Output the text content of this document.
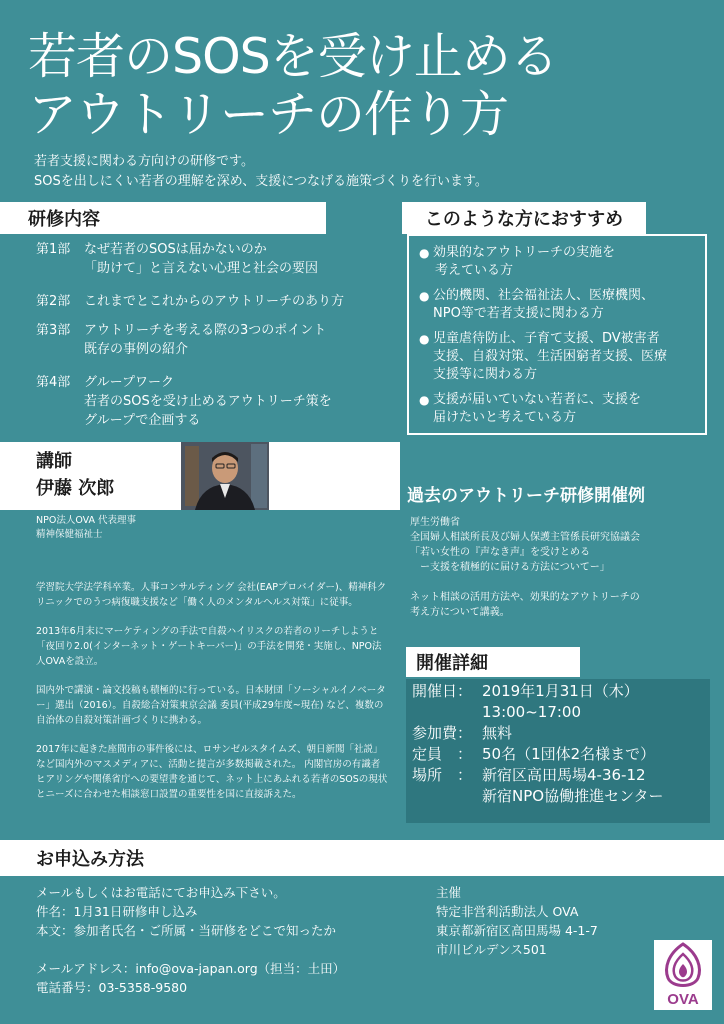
若者のSOSを受け止める
アウトリーチの作り方
若者支援に関わる方向けの研修です。
SOSを出しにくい若者の理解を深め、支援につなげる施策づくりを行います。
研修内容
第1部	なぜ若者のSOSは届かないのか
「助けて」と言えない心理と社会の要因
第2部	これまでとこれからのアウトリーチのあり方
第3部	アウトリーチを考える際の3つのポイント
既存の事例の紹介
第4部	グループワーク
若者のSOSを受け止めるアウトリーチ策を
グループで企画する
このような方におすすめ
● 効果的なアウトリーチの実施を
考えている方
● 公的機関、社会福祉法人、医療機関、
NPO等で若者支援に関わる方
● 児童虐待防止、子育て支援、DV被害者
支援、自殺対策、生活困窮者支援、医療
支援等に関わる方
● 支援が届いていない若者に、支援を
届けたいと考えている方
講師
伊藤 次郎
NPO法人OVA 代表理事
精神保健福祉士

学習院大学法学科卒業。人事コンサルティング 会社(EAPプロバイダー)、精神科クリニックでのうつ病復職支援など「働く人のメンタルヘルス対策」に従事。

2013年6月末にマーケティングの手法で自殺ハイリスクの若者のリーチしようと「夜回り2.0(インターネット・ゲートキーパー)」の手法を開発・実施し、NPO法人OVAを設立。

国内外で講演・論文投稿も積極的に行っている。日本財団「ソーシャルイノベーター」選出（2016）。自殺総合対策東京会議 委員(平成29年度~現在) など、複数の自治体の自殺対策計画づくりに携わる。

2017年に起きた座間市の事件後には、ロサンゼルスタイムズ、朝日新聞「社説」など国内外のマスメディアに、活動と提言が多数掲載された。 内閣官房の有識者ヒアリングや関係省庁への要望書を通じて、ネット上にあふれる若者のSOSの現状とニーズに合わせた相談窓口設置の重要性を国に直接訴えた。

過去のアウトリーチ研修開催例
厚生労働省
全国婦人相談所長及び婦人保護主管係長研究協議会
「若い女性の『声なき声』を受けとめる
　ー支援を積極的に届ける方法についてー」
ネット相談の活用方法や、効果的なアウトリーチの
考え方について講義。
開催詳細
開催日： 2019年1月31日（木）
13:00~17:00
参加費： 無料
定員　： 50名（1団体2名様まで）
場所　： 新宿区高田馬場4-36-12
新宿NPO協働推進センター
お申込み方法
メールもしくはお電話にてお申込み下さい。
件名：1月31日研修申し込み
本文：参加者氏名・ご所属・当研修をどこで知ったか
メールアドレス：info@ova-japan.org（担当：土田）
電話番号：03-5358-9580
主催
特定非営利活動法人 OVA
東京都新宿区高田馬場 4-1-7
市川ビルデンス501
OVA
